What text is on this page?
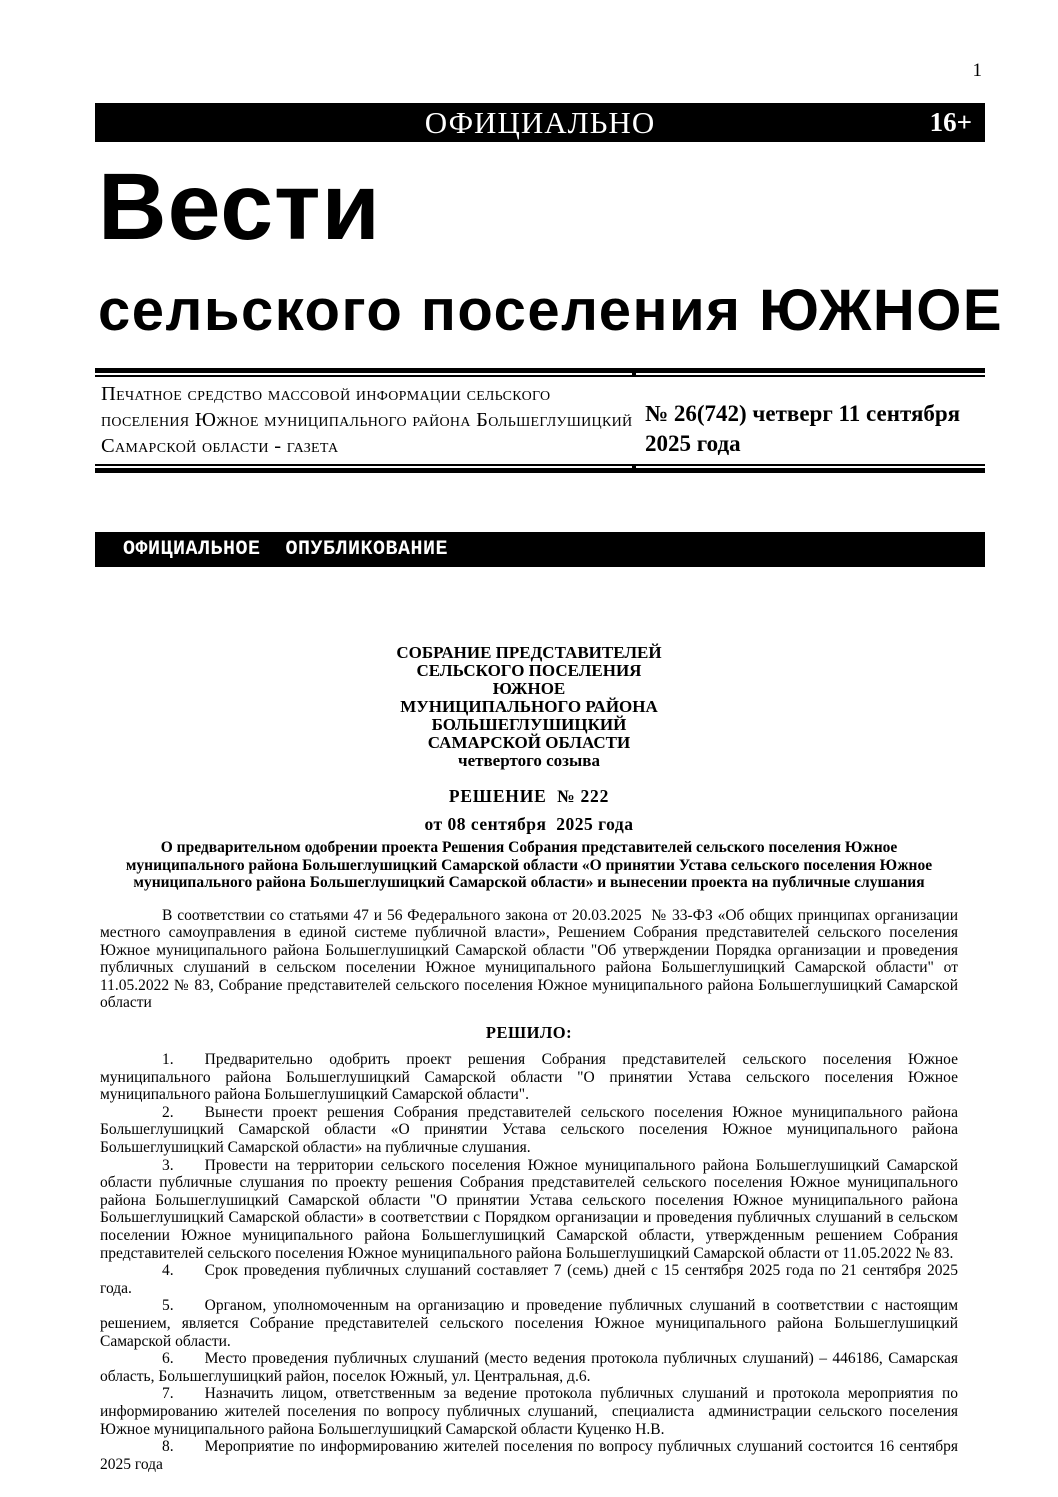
1
ОФИЦИАЛЬНО	16+
Вести
сельского поселения ЮЖНОЕ
Печатное средство массовой информации сельского поселения Южное муниципального района Большеглушицкий Самарской области - газета
№ 26(742) четверг 11 сентября 2025 года
ОФИЦИАЛЬНОЕ  ОПУБЛИКОВАНИЕ
СОБРАНИЕ ПРЕДСТАВИТЕЛЕЙ
СЕЛЬСКОГО ПОСЕЛЕНИЯ
ЮЖНОЕ
МУНИЦИПАЛЬНОГО РАЙОНА
БОЛЬШЕГЛУШИЦКИЙ
САМАРСКОЙ ОБЛАСТИ
четвертого созыва
РЕШЕНИЕ  № 222
от 08 сентября  2025 года
О предварительном одобрении проекта Решения Собрания представителей сельского поселения Южное муниципального района Большеглушицкий Самарской области «О принятии Устава сельского поселения Южное муниципального района Большеглушицкий Самарской области» и вынесении проекта на публичные слушания

В соответствии со статьями 47 и 56 Федерального закона от 20.03.2025  № 33-ФЗ «Об общих принципах организации местного самоуправления в единой системе публичной власти», Решением Собрания представителей сельского поселения Южное муниципального района Большеглушицкий Самарской области "Об утверждении Порядка организации и проведения публичных слушаний в сельском поселении Южное муниципального района Большеглушицкий Самарской области" от 11.05.2022 № 83, Собрание представителей сельского поселения Южное муниципального района Большеглушицкий Самарской области

РЕШИЛО:

1. Предварительно одобрить проект решения Собрания представителей сельского поселения Южное муниципального района Большеглушицкий Самарской области "О принятии Устава сельского поселения Южное муниципального района Большеглушицкий Самарской области".

2. Вынести проект решения Собрания представителей сельского поселения Южное муниципального района Большеглушицкий Самарской области «О принятии Устава сельского поселения Южное муниципального района Большеглушицкий Самарской области» на публичные слушания.

3. Провести на территории сельского поселения Южное муниципального района Большеглушицкий Самарской области публичные слушания по проекту решения Собрания представителей сельского поселения Южное муниципального района Большеглушицкий Самарской области "О принятии Устава сельского поселения Южное муниципального района Большеглушицкий Самарской области» в соответствии с Порядком организации и проведения публичных слушаний в сельском поселении Южное муниципального района Большеглушицкий Самарской области, утвержденным решением Собрания представителей сельского поселения Южное муниципального района Большеглушицкий Самарской области от 11.05.2022 № 83.

4. Срок проведения публичных слушаний составляет 7 (семь) дней с 15 сентября 2025 года по 21 сентября 2025 года.

5. Органом, уполномоченным на организацию и проведение публичных слушаний в соответствии с настоящим решением, является Собрание представителей сельского поселения Южное муниципального района Большеглушицкий Самарской области.

6. Место проведения публичных слушаний (место ведения протокола публичных слушаний) – 446186, Самарская область, Большеглушицкий район, поселок Южный, ул. Центральная, д.6.

7. Назначить лицом, ответственным за ведение протокола публичных слушаний и протокола мероприятия по информированию жителей поселения по вопросу публичных слушаний,  специалиста  администрации сельского поселения Южное муниципального района Большеглушицкий Самарской области Куценко Н.В.

8. Мероприятие по информированию жителей поселения по вопросу публичных слушаний состоится 16 сентября 2025 года
